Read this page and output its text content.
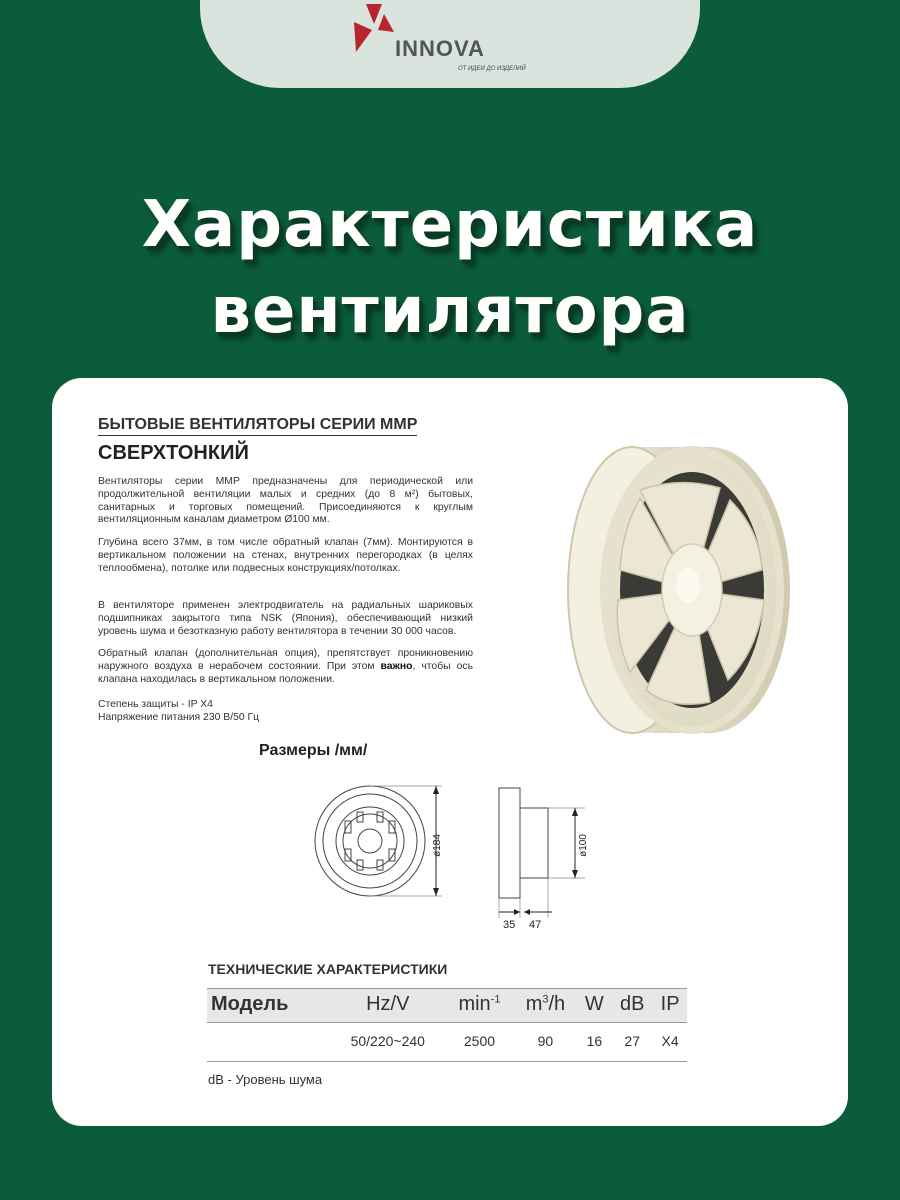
INNOVA
ОТ ИДЕИ ДО ИЗДЕЛИЙ
Характеристика
вентилятора
БЫТОВЫЕ ВЕНТИЛЯТОРЫ СЕРИИ ММР
СВЕРХТОНКИЙ

Вентиляторы серии ММР предназначены для периодической или продолжительной вентиляции малых и средних (до 8 м²) бытовых, санитарных и торговых помещений. Присоединяются к круглым вентиляционным каналам диаметром Ø100 мм.

Глубина всего 37мм, в том числе обратный клапан (7мм). Монтируются в вертикальном положении на стенах, внутренних перегородках (в целях теплообмена), потолке или подвесных конструкциях/потолках.

В вентиляторе применен электродвигатель на радиальных шариковых подшипниках закрытого типа NSK (Япония), обеспечивающий низкий уровень шума и безотказную работу вентилятора в течении 30 000 часов.

Обратный клапан (дополнительная опция), препятствует проникновению наружного воздуха в нерабочем состоянии. При этом важно, чтобы ось клапана находилась в вертикальном положении.

Степень защиты - IP X4
Напряжение питания 230 В/50 Гц

Размеры /мм/
ø184	ø100
35 47
ТЕХНИЧЕСКИЕ ХАРАКТЕРИСТИКИ
Модель	Hz/V	$\min^{-1}$	$m^3/h$	W	dB	IP
	50/220~240	2500	90	16	27	X4
dB - Уровень шума
